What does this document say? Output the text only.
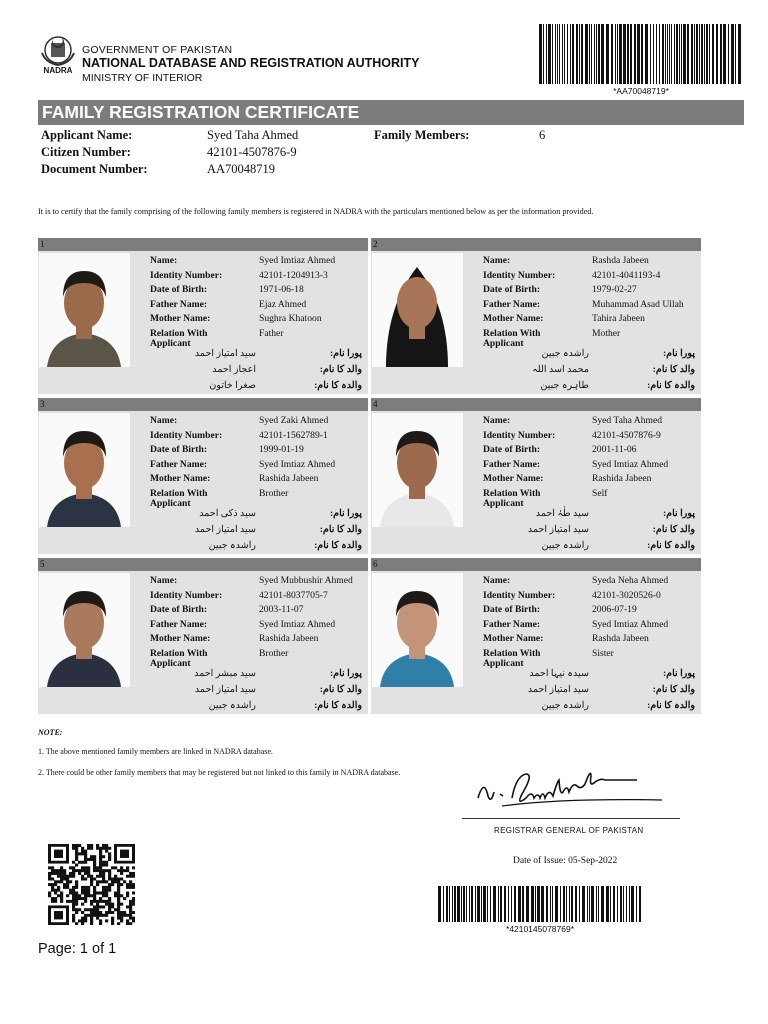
NADRA
GOVERNMENT OF PAKISTAN
NATIONAL DATABASE AND REGISTRATION AUTHORITY
MINISTRY OF INTERIOR
*AA70048719*
FAMILY REGISTRATION CERTIFICATE
Applicant Name:	Syed Taha Ahmed
Citizen Number:	42101-4507876-9
Document Number:	AA70048719
Family Members:	6
It is to certify that the family comprising of the following family members is registered in NADRA with the particulars mentioned below as per the information provided.
1
Name:	Syed Imtiaz Ahmed
Identity Number:	42101-1204913-3
Date of Birth:	1971-06-18
Father Name:	Ejaz Ahmed
Mother Name:	Sughra Khatoon
Relation With
Applicant
Father
پورا نام:
سید امتیاز احمد
والد کا نام:
اعجاز احمد
والدہ کا نام:
صغرا خاتون
2
Name:	Rashda Jabeen
Identity Number:	42101-4041193-4
Date of Birth:	1979-02-27
Father Name:	Muhammad Asad Ullah
Mother Name:	Tahira Jabeen
Relation With
Applicant
Mother
پورا نام:
راشدہ جبین
والد کا نام:
محمد اسد اللہ
والدہ کا نام:
طاہرہ جبین
3
Name:	Syed Zaki Ahmed
Identity Number:	42101-1562789-1
Date of Birth:	1999-01-19
Father Name:	Syed Imtiaz Ahmed
Mother Name:	Rashida Jabeen
Relation With
Applicant
Brother
پورا نام:
سید ذکی احمد
والد کا نام:
سید امتیاز احمد
والدہ کا نام:
راشدہ جبین
4
Name:	Syed Taha Ahmed
Identity Number:	42101-4507876-9
Date of Birth:	2001-11-06
Father Name:	Syed Imtiaz Ahmed
Mother Name:	Rashida Jabeen
Relation With
Applicant
Self
پورا نام:
سید طٰہٰ احمد
والد کا نام:
سید امتیاز احمد
والدہ کا نام:
راشدہ جبین
5
Name:	Syed Mubbushir Ahmed
Identity Number:	42101-8037705-7
Date of Birth:	2003-11-07
Father Name:	Syed Imtiaz Ahmed
Mother Name:	Rashida Jabeen
Relation With
Applicant
Brother
پورا نام:
سید مبشر احمد
والد کا نام:
سید امتیاز احمد
والدہ کا نام:
راشدہ جبین
6
Name:	Syeda Neha Ahmed
Identity Number:	42101-3020526-0
Date of Birth:	2006-07-19
Father Name:	Syed Imtiaz Ahmed
Mother Name:	Rashda Jabeen
Relation With
Applicant
Sister
پورا نام:
سیدہ نیہا احمد
والد کا نام:
سید امتیاز احمد
والدہ کا نام:
راشدہ جبین
NOTE:
1. The above mentioned family members are linked in NADRA database.
2. There could be other family members that may be registered but not linked to this family in NADRA database.
REGISTRAR GENERAL OF PAKISTAN
Date of Issue: 05-Sep-2022
*4210145078769*
Page: 1 of 1
